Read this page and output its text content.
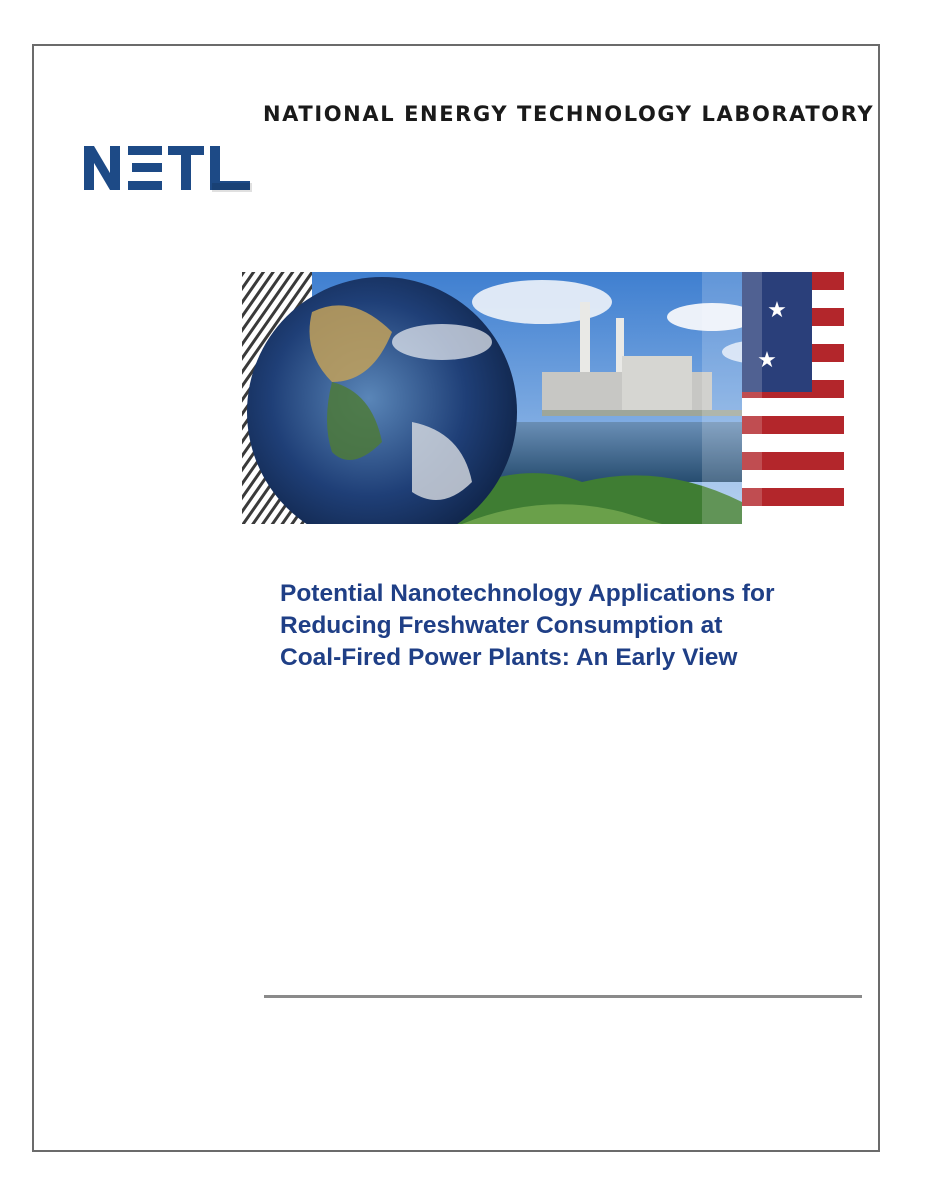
NATIONAL ENERGY TECHNOLOGY LABORATORY
★
★
Potential Nanotechnology Applications for
Reducing Freshwater Consumption at
Coal-Fired Power Plants: An Early View
